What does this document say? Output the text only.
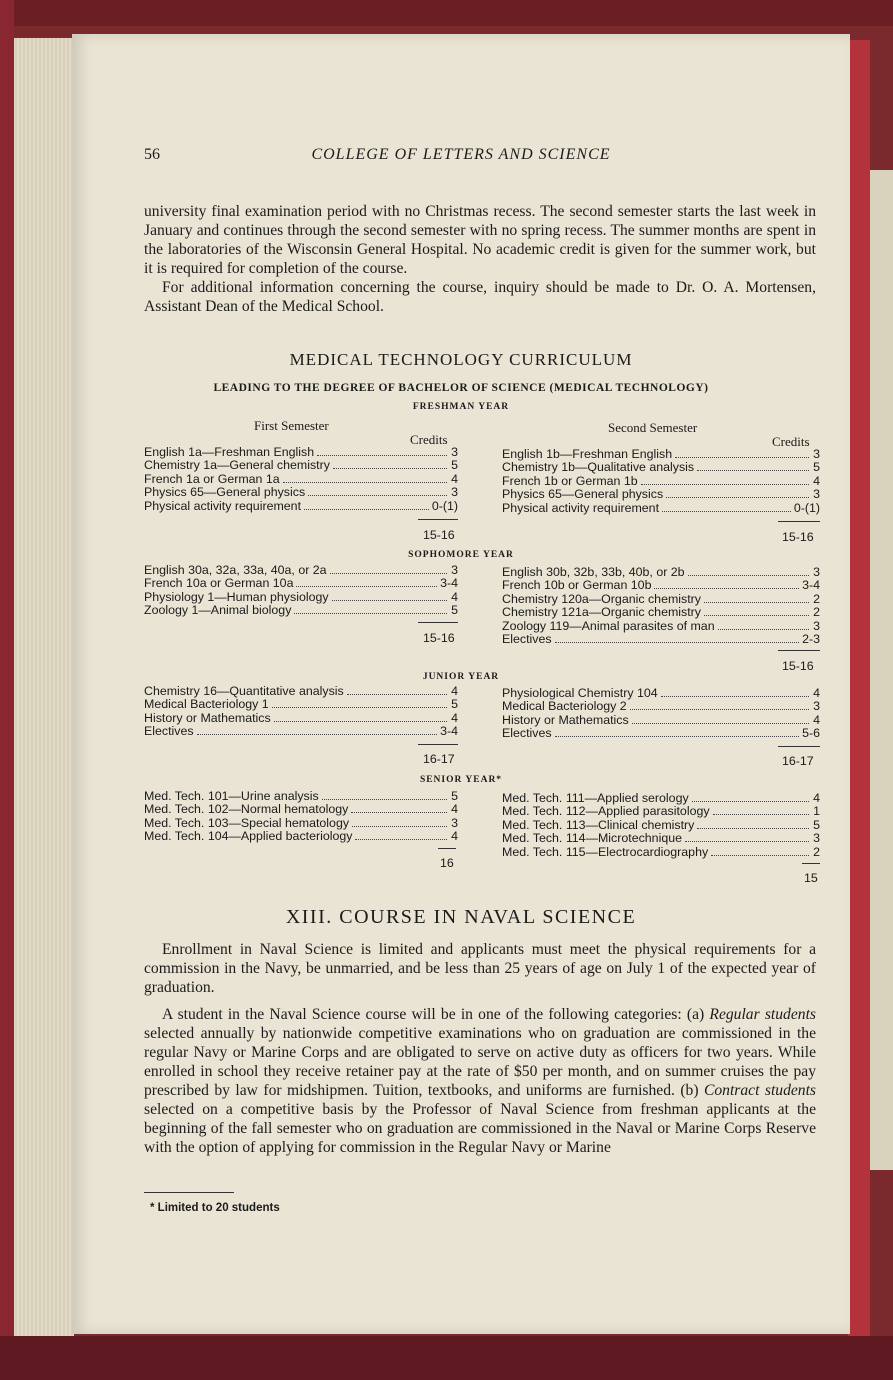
56	COLLEGE OF LETTERS AND SCIENCE

university final examination period with no Christmas recess. The second semester starts the last week in January and continues through the second semester with no spring recess. The summer months are spent in the laboratories of the Wisconsin General Hospital. No academic credit is given for the summer work, but it is required for completion of the course.

For additional information concerning the course, inquiry should be made to Dr. O. A. Mortensen, Assistant Dean of the Medical School.

MEDICAL TECHNOLOGY CURRICULUM
LEADING TO THE DEGREE OF BACHELOR OF SCIENCE (MEDICAL TECHNOLOGY)
FRESHMAN YEAR
First Semester
Credits
Second Semester
Credits
English 1a—Freshman English	3
Chemistry 1a—General chemistry	5
French 1a or German 1a	4
Physics 65—General physics	3
Physical activity requirement	0-(1)
15-16
English 1b—Freshman English	3
Chemistry 1b—Qualitative analysis	5
French 1b or German 1b	4
Physics 65—General physics	3
Physical activity requirement	0-(1)
15-16
SOPHOMORE YEAR
English 30a, 32a, 33a, 40a, or 2a	3
French 10a or German 10a	3-4
Physiology 1—Human physiology	4
Zoology 1—Animal biology	5
15-16
English 30b, 32b, 33b, 40b, or 2b	3
French 10b or German 10b	3-4
Chemistry 120a—Organic chemistry	2
Chemistry 121a—Organic chemistry	2
Zoology 119—Animal parasites of man	3
Electives	2-3
15-16
JUNIOR YEAR
Chemistry 16—Quantitative analysis	4
Medical Bacteriology 1	5
History or Mathematics	4
Electives	3-4
16-17
Physiological Chemistry 104	4
Medical Bacteriology 2	3
History or Mathematics	4
Electives	5-6
16-17
SENIOR YEAR*
Med. Tech. 101—Urine analysis	5
Med. Tech. 102—Normal hematology	4
Med. Tech. 103—Special hematology	3
Med. Tech. 104—Applied bacteriology	4
16
Med. Tech. 111—Applied serology	4
Med. Tech. 112—Applied parasitology	1
Med. Tech. 113—Clinical chemistry	5
Med. Tech. 114—Microtechnique	3
Med. Tech. 115—Electrocardiography	2
15
XIII. COURSE IN NAVAL SCIENCE

Enrollment in Naval Science is limited and applicants must meet the physical requirements for a commission in the Navy, be unmarried, and be less than 25 years of age on July 1 of the expected year of graduation.

A student in the Naval Science course will be in one of the following categories: (a) Regular students selected annually by nationwide competitive examinations who on graduation are commissioned in the regular Navy or Marine Corps and are obligated to serve on active duty as officers for two years. While enrolled in school they receive retainer pay at the rate of $50 per month, and on summer cruises the pay prescribed by law for midshipmen. Tuition, textbooks, and uniforms are furnished. (b) Contract students selected on a competitive basis by the Professor of Naval Science from freshman applicants at the beginning of the fall semester who on graduation are commissioned in the Naval or Marine Corps Reserve with the option of applying for commission in the Regular Navy or Marine

* Limited to 20 students
